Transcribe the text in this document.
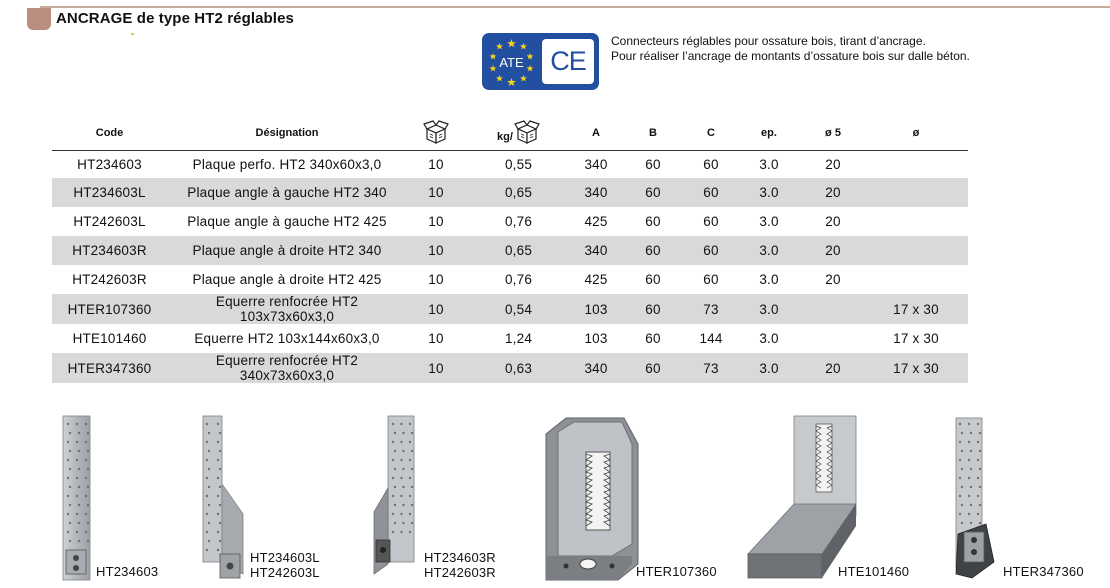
ANCRAGE de type HT2 réglables
ATE CE
Connecteurs réglables pour ossature bois, tirant d’ancrage.
Pour réaliser l’ancrage de montants d’ossature bois sur dalle béton.
Code	Désignation		kg/	A	B	C	ep.	ø 5	ø
HT234603	Plaque perfo. HT2 340x60x3,0	10	0,55	340	60	60	3.0	20	
HT234603L	Plaque angle à gauche HT2 340	10	0,65	340	60	60	3.0	20	
HT242603L	Plaque angle à gauche HT2 425	10	0,76	425	60	60	3.0	20	
HT234603R	Plaque angle à droite HT2 340	10	0,65	340	60	60	3.0	20	
HT242603R	Plaque angle à droite HT2 425	10	0,76	425	60	60	3.0	20	
HTER107360	Equerre renfocrée HT2 103x73x60x3,0	10	0,54	103	60	73	3.0		17 x 30
HTE101460	Equerre HT2 103x144x60x3,0	10	1,24	103	60	144	3.0		17 x 30
HTER347360	Equerre renfocrée HT2 340x73x60x3,0	10	0,63	340	60	73	3.0	20	17 x 30
HT234603
HT234603L
HT242603L
HT234603R
HT242603R	HTER107360	HTE101460	HTER347360
